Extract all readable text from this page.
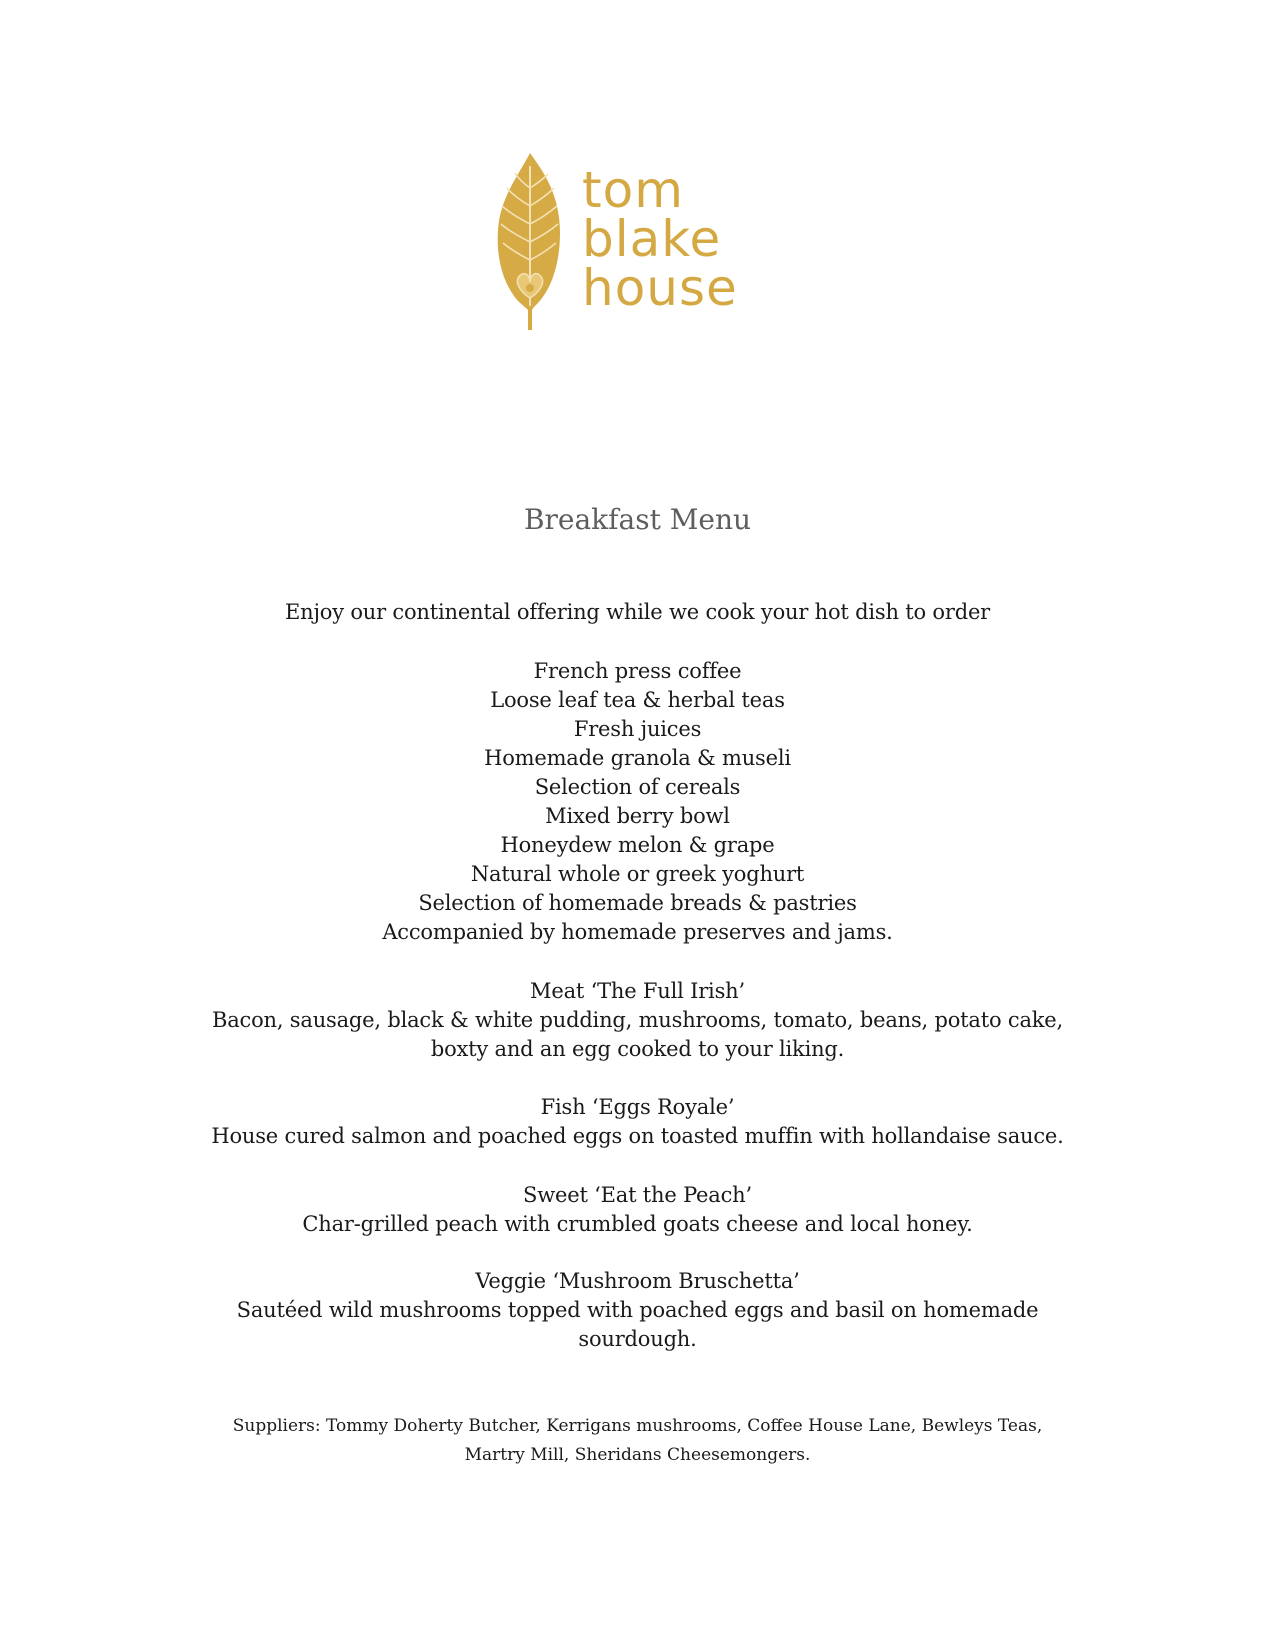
tom
blake
house
Breakfast Menu
Enjoy our continental offering while we cook your hot dish to order
French press coffee
Loose leaf tea & herbal teas
Fresh juices
Homemade granola & museli
Selection of cereals
Mixed berry bowl
Honeydew melon & grape
Natural whole or greek yoghurt
Selection of homemade breads & pastries
Accompanied by homemade preserves and jams.
Meat ‘The Full Irish’
Bacon, sausage, black & white pudding, mushrooms, tomato, beans, potato cake,
boxty and an egg cooked to your liking.
Fish ‘Eggs Royale’
House cured salmon and poached eggs on toasted muffin with hollandaise sauce.
Sweet ‘Eat the Peach’
Char-grilled peach with crumbled goats cheese and local honey.
Veggie ‘Mushroom Bruschetta’
Sautéed wild mushrooms topped with poached eggs and basil on homemade
sourdough.
Suppliers: Tommy Doherty Butcher, Kerrigans mushrooms, Coffee House Lane, Bewleys Teas,
Martry Mill, Sheridans Cheesemongers.
